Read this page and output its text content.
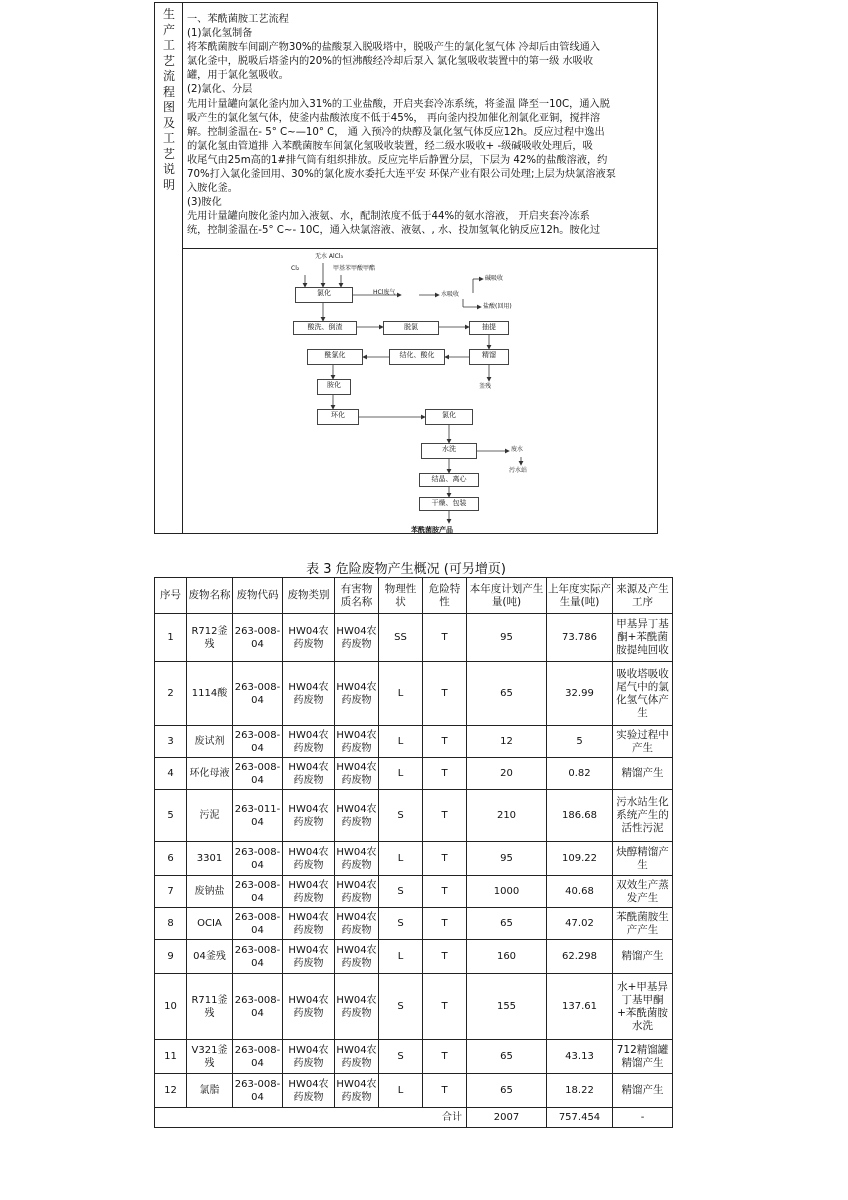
生产工艺流程图及工艺说明
一、苯酰菌胺工艺流程
(1)氯化氢制备
将苯酰菌胺车间副产物30%的盐酸泵入脱吸塔中，脱吸产生的氯化氢气体 冷却后由管线通入
氯化釜中，脱吸后塔釜内的20%的恒沸酸经冷却后泵入 氯化氢吸收装置中的第一级 水吸收
罐，用于氯化氢吸收。
(2)氯化、分层
先用计量罐向氯化釜内加入31%的工业盐酸，开启夹套冷冻系统，将釜温 降至一10C，通入脱
吸产生的氯化氢气体，使釜内盐酸浓度不低于45%， 再向釜内投加催化剂氯化亚铜，搅拌溶
解。控制釜温在- 5° C~—10° C， 通 入预冷的炔醇及氯化氢气体反应12h。反应过程中逸出
的氯化氢由管道排 入苯酰菌胺车间氯化氢吸收装置，经二级水吸收+ -级碱吸收处理后，吸
收尾气由25m高的1#排气筒有组织排放。反应完毕后静置分层，下层为 42%的盐酸溶液，约
70%打入氯化釜回用、30%的氯化废水委托大连平安 环保产业有限公司处理;上层为炔氯溶液泵
入胺化釜。
(3)胺化
先用计量罐向胺化釜内加入液氨、水，配制浓度不低于44%的氨水溶液， 开启夹套冷冻系
统，控制釜温在-5° C~- 10C，通入炔氯溶液、液氨、, 水、投加氢氧化钠反应12h。胺化过
无水 AlCl₃
Cl₂	甲基苯甲酸甲酯
氯化	HCl废气	水吸收
碱吸收
盐酸(回用)
酸洗、倒渣	脱氯	抽提
酰氯化	结化、酸化	精馏
釜残
胺化
环化	氯化
水洗	废水
污水站
结晶、离心
干燥、包装
苯酰菌胺产品
表 3 危险废物产生概况 (可另增页)
序号	废物名称	废物代码	废物类别	有害物质名称	物理性状	危险特性	本年度计划产生量(吨)	上年度实际产生量(吨)	来源及产生工序
1	R712釜残	263-008-04	HW04农药废物	HW04农药废物	SS	T	95	73.786	甲基异丁基酮+苯酰菌胺提纯回收
2	1114酸	263-008-04	HW04农药废物	HW04农药废物	L	T	65	32.99	吸收塔吸收尾气中的氯化氢气体产生
3	废试剂	263-008-04	HW04农药废物	HW04农药废物	L	T	12	5	实验过程中产生
4	环化母液	263-008-04	HW04农药废物	HW04农药废物	L	T	20	0.82	精馏产生
5	污泥	263-011-04	HW04农药废物	HW04农药废物	S	T	210	186.68	污水站生化系统产生的活性污泥
6	3301	263-008-04	HW04农药废物	HW04农药废物	L	T	95	109.22	炔醇精馏产生
7	废钠盐	263-008-04	HW04农药废物	HW04农药废物	S	T	1000	40.68	双效生产蒸发产生
8	OCIA	263-008-04	HW04农药废物	HW04农药废物	S	T	65	47.02	苯酰菌胺生产产生
9	04釜残	263-008-04	HW04农药废物	HW04农药废物	L	T	160	62.298	精馏产生
10	R711釜残	263-008-04	HW04农药废物	HW04农药废物	S	T	155	137.61	水+甲基异丁基甲酮+苯酰菌胺水洗
11	V321釜残	263-008-04	HW04农药废物	HW04农药废物	S	T	65	43.13	712精馏罐精馏产生
12	氯脂	263-008-04	HW04农药废物	HW04农药废物	L	T	65	18.22	精馏产生
合计							2007	757.454	-
